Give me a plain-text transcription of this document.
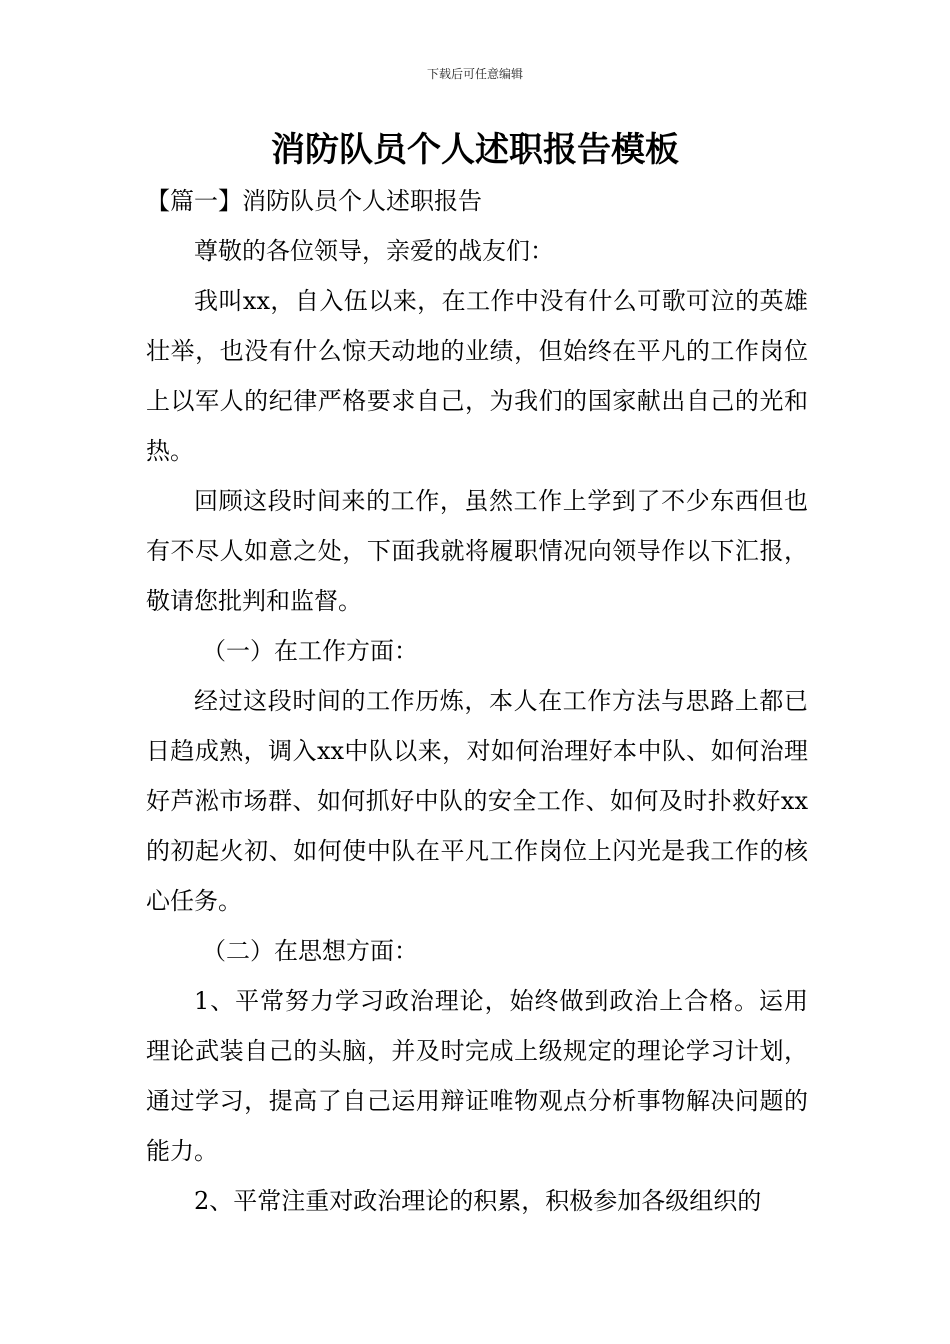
下载后可任意编辑
消防队员个人述职报告模板

【篇一】消防队员个人述职报告

尊敬的各位领导，亲爱的战友们：

我叫xx，自入伍以来，在工作中没有什么可歌可泣的英雄壮举，也没有什么惊天动地的业绩，但始终在平凡的工作岗位上以军人的纪律严格要求自己，为我们的国家献出自己的光和热。

回顾这段时间来的工作，虽然工作上学到了不少东西但也有不尽人如意之处，下面我就将履职情况向领导作以下汇报，敬请您批判和监督。

（一）在工作方面：

经过这段时间的工作历炼，本人在工作方法与思路上都已日趋成熟，调入xx中队以来，对如何治理好本中队、如何治理好芦淞市场群、如何抓好中队的安全工作、如何及时扑救好xx的初起火初、如何使中队在平凡工作岗位上闪光是我工作的核心任务。

（二）在思想方面：

1、平常努力学习政治理论，始终做到政治上合格。运用理论武装自己的头脑，并及时完成上级规定的理论学习计划，通过学习，提高了自己运用辩证唯物观点分析事物解决问题的能力。

2、平常注重对政治理论的积累，积极参加各级组织的
